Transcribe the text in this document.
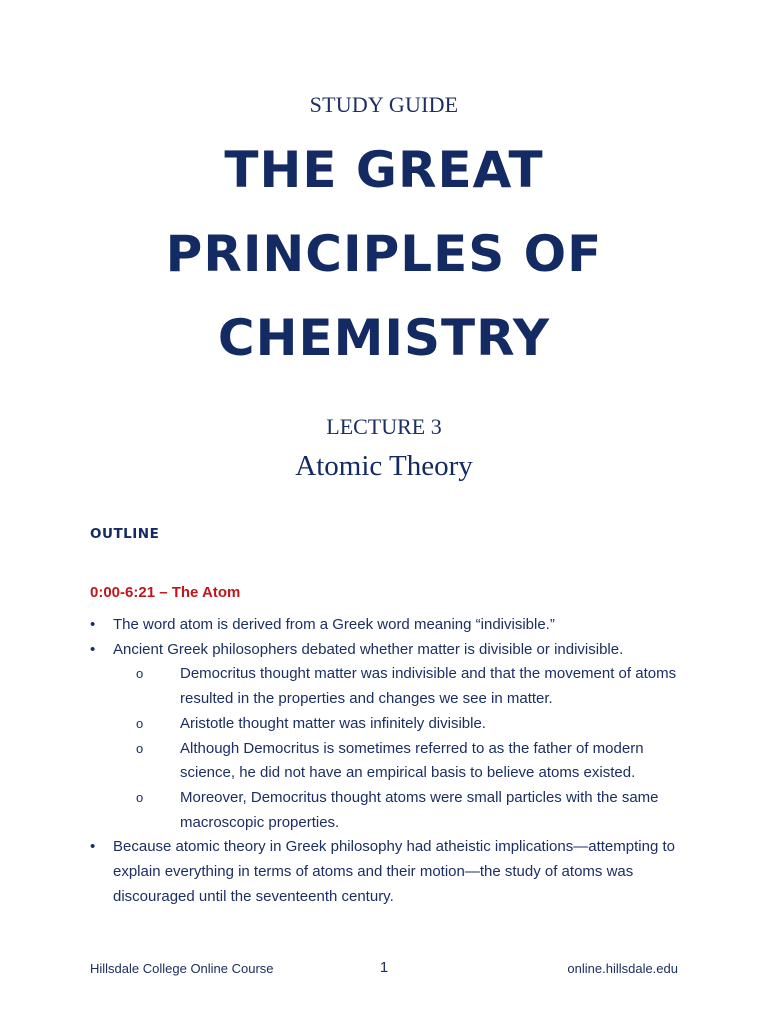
STUDY GUIDE
THE GREAT
PRINCIPLES OF
CHEMISTRY
LECTURE 3
Atomic Theory
OUTLINE
0:00-6:21 – The Atom
•	The word atom is derived from a Greek word meaning “indivisible.”
•	Ancient Greek philosophers debated whether matter is divisible or indivisible.
o	Democritus thought matter was indivisible and that the movement of atoms resulted in the properties and changes we see in matter.
o	Aristotle thought matter was infinitely divisible.
o	Although Democritus is sometimes referred to as the father of modern science, he did not have an empirical basis to believe atoms existed.
o	Moreover, Democritus thought atoms were small particles with the same macroscopic properties.
•	Because atomic theory in Greek philosophy had atheistic implications—attempting to explain everything in terms of atoms and their motion—the study of atoms was discouraged until the seventeenth century.
Hillsdale College Online Course	1	online.hillsdale.edu
